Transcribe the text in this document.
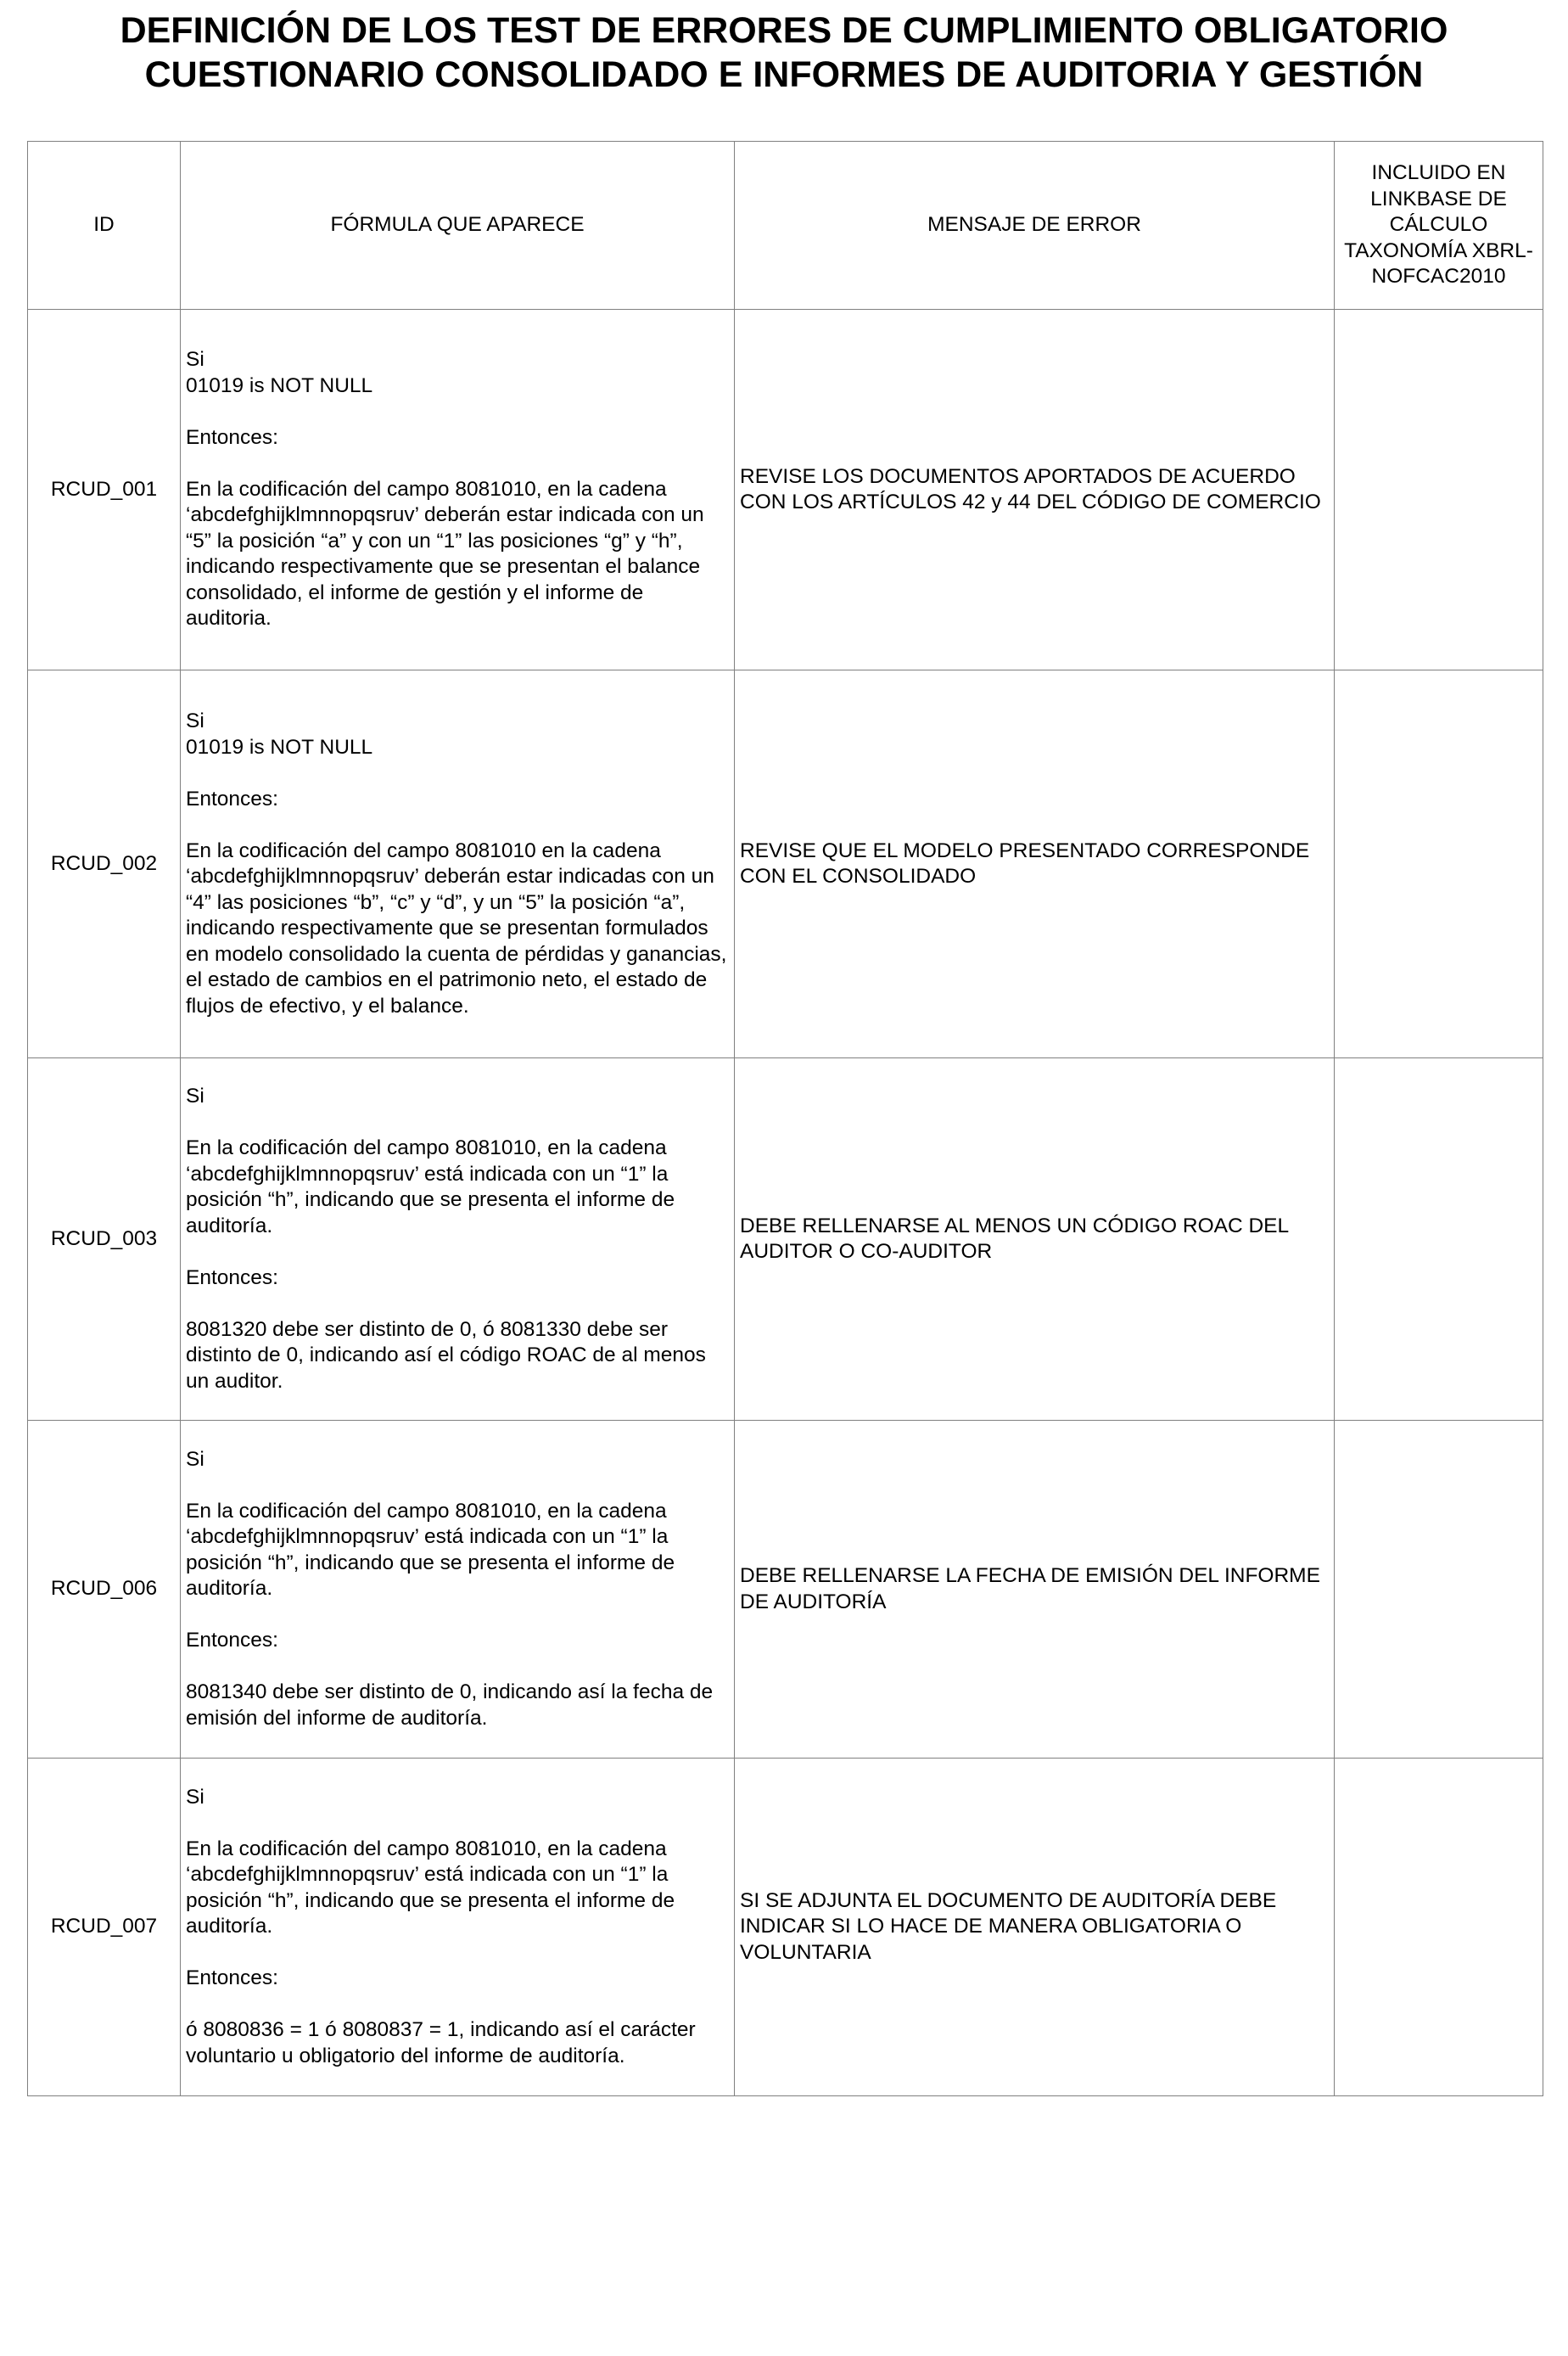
DEFINICIÓN DE LOS TEST DE ERRORES DE CUMPLIMIENTO OBLIGATORIO
CUESTIONARIO CONSOLIDADO E INFORMES DE AUDITORIA Y GESTIÓN
ID	FÓRMULA QUE APARECE	MENSAJE DE ERROR	INCLUIDO EN LINKBASE DE CÁLCULO TAXONOMÍA XBRL-NOFCAC2010
RCUD_001	Si
01019 is NOT NULL

Entonces:

En la codificación del campo 8081010, en la cadena ‘abcdefghijklmnnopqsruv’ deberán estar indicada con un “5” la posición “a” y con un “1” las posiciones “g” y “h”, indicando respectivamente que se presentan el balance consolidado, el informe de gestión y el informe de auditoria.	REVISE LOS DOCUMENTOS APORTADOS DE ACUERDO CON LOS ARTÍCULOS 42 y 44 DEL CÓDIGO DE COMERCIO	
RCUD_002	Si
01019 is NOT NULL

Entonces:

En la codificación del campo 8081010 en la cadena ‘abcdefghijklmnnopqsruv’ deberán estar indicadas con un “4” las posiciones “b”, “c” y “d”, y un “5” la posición “a”, indicando respectivamente que se presentan formulados en modelo consolidado la cuenta de pérdidas y ganancias, el estado de cambios en el patrimonio neto, el estado de flujos de efectivo, y el balance.	REVISE QUE EL MODELO PRESENTADO CORRESPONDE CON EL CONSOLIDADO	
RCUD_003	Si

En la codificación del campo 8081010, en la cadena ‘abcdefghijklmnnopqsruv’ está indicada con un “1” la posición “h”, indicando que se presenta el informe de auditoría.

Entonces:

8081320 debe ser distinto de 0, ó 8081330 debe ser distinto de 0, indicando así el código ROAC de al menos un auditor.	DEBE RELLENARSE AL MENOS UN CÓDIGO ROAC DEL AUDITOR O CO-AUDITOR	
RCUD_006	Si

En la codificación del campo 8081010, en la cadena ‘abcdefghijklmnnopqsruv’ está indicada con un “1” la posición “h”, indicando que se presenta el informe de auditoría.

Entonces:

8081340 debe ser distinto de 0, indicando así la fecha de emisión del informe de auditoría.	DEBE RELLENARSE LA FECHA DE EMISIÓN DEL INFORME DE AUDITORÍA	
RCUD_007	Si

En la codificación del campo 8081010, en la cadena ‘abcdefghijklmnnopqsruv’ está indicada con un “1” la posición “h”, indicando que se presenta el informe de auditoría.

Entonces:

ó 8080836 = 1 ó 8080837 = 1, indicando así el carácter voluntario u obligatorio del informe de auditoría.	SI SE ADJUNTA EL DOCUMENTO DE AUDITORÍA DEBE INDICAR SI LO HACE DE MANERA OBLIGATORIA O VOLUNTARIA	
